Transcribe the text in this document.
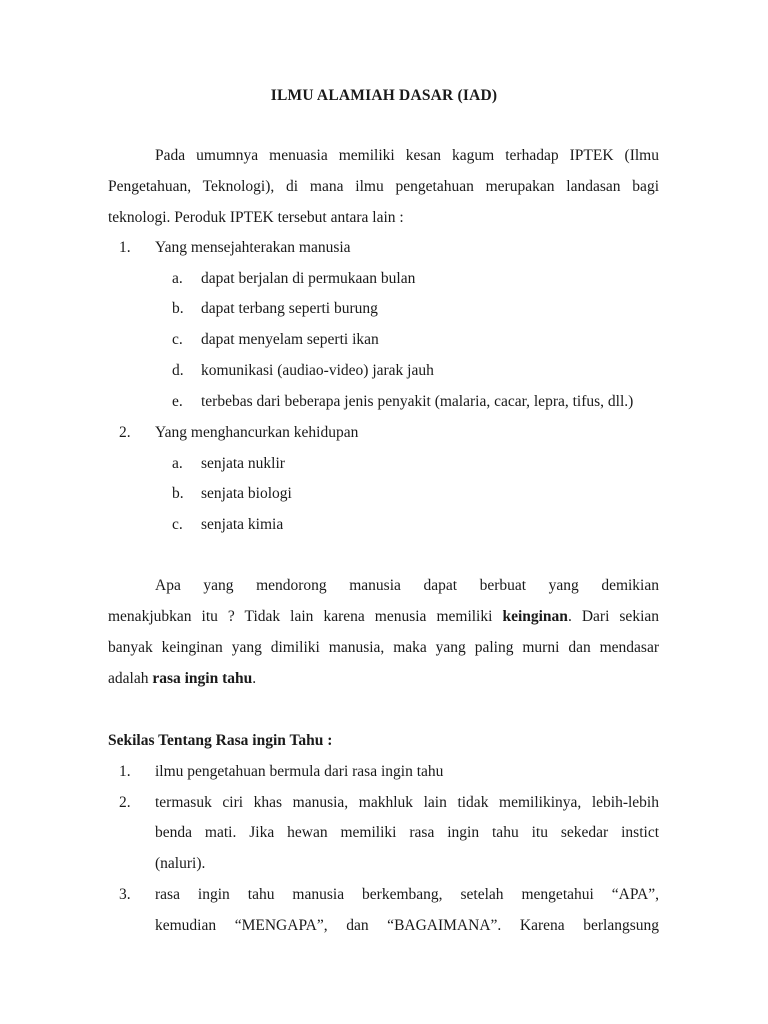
ILMU ALAMIAH DASAR (IAD)
Pada umumnya menuasia memiliki kesan kagum terhadap IPTEK (Ilmu
Pengetahuan, Teknologi), di mana ilmu pengetahuan merupakan landasan bagi
teknologi. Peroduk IPTEK tersebut antara lain :
1. Yang mensejahterakan manusia
a. dapat berjalan di permukaan bulan
b. dapat terbang seperti burung
c. dapat menyelam seperti ikan
d. komunikasi (audiao-video) jarak jauh
e. terbebas dari beberapa jenis penyakit (malaria, cacar, lepra, tifus, dll.)
2. Yang menghancurkan kehidupan
a. senjata nuklir
b. senjata biologi
c. senjata kimia
Apa yang mendorong manusia dapat berbuat yang demikian
menakjubkan itu ? Tidak lain karena menusia memiliki keinginan. Dari sekian
banyak keinginan yang dimiliki manusia, maka yang paling murni dan mendasar
adalah rasa ingin tahu.
Sekilas Tentang Rasa ingin Tahu :
1. ilmu pengetahuan bermula dari rasa ingin tahu
2. termasuk ciri khas manusia, makhluk lain tidak memilikinya, lebih-lebih
benda mati. Jika hewan memiliki rasa ingin tahu itu sekedar instict
(naluri).
3. rasa ingin tahu manusia berkembang, setelah mengetahui “APA”,
kemudian “MENGAPA”, dan “BAGAIMANA”. Karena berlangsung
